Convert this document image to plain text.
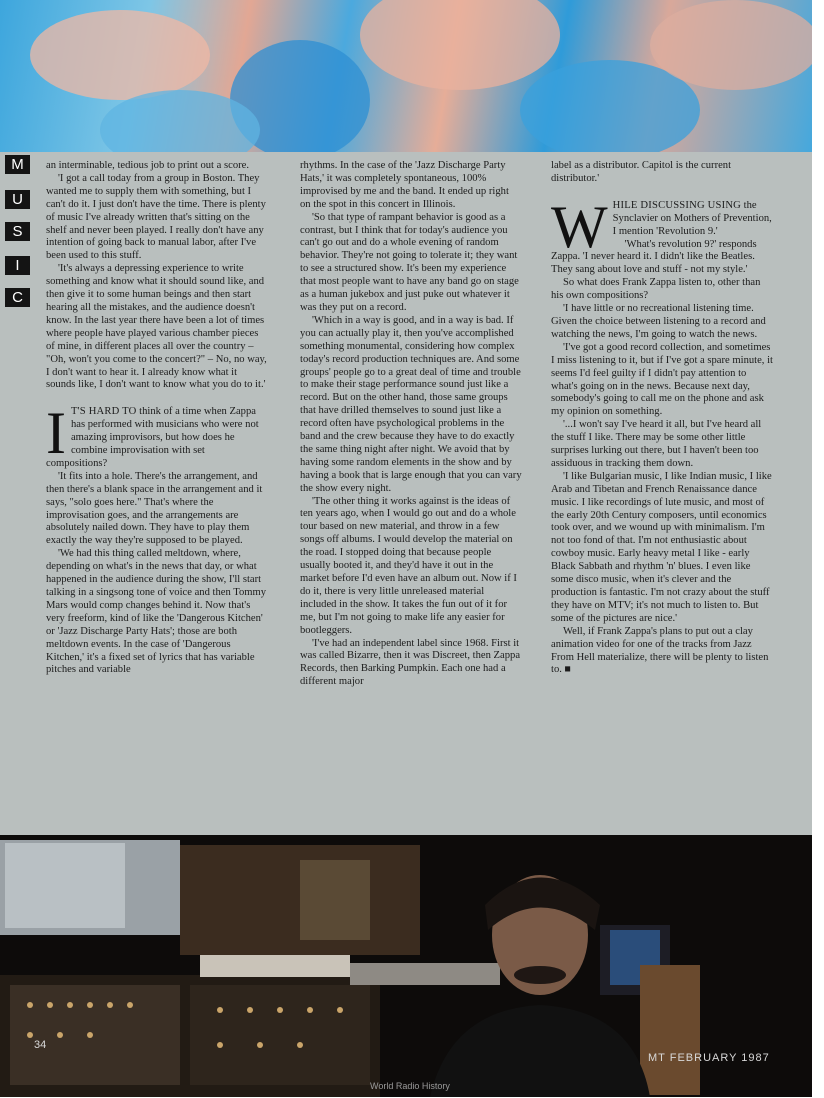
M
U
S
I
C

an interminable, tedious job to print out a score.

'I got a call today from a group in Boston. They wanted me to supply them with something, but I can't do it. I just don't have the time. There is plenty of music I've already written that's sitting on the shelf and never been played. I really don't have any intention of going back to manual labor, after I've been used to this stuff.

'It's always a depressing experience to write something and know what it should sound like, and then give it to some human beings and then start hearing all the mistakes, and the audience doesn't know. In the last year there have been a lot of times where people have played various chamber pieces of mine, in different places all over the country – "Oh, won't you come to the concert?" – No, no way, I don't want to hear it. I already know what it sounds like, I don't want to know what you do to it.'

I T'S HARD TO think of a time when Zappa has performed with musicians who were not amazing improvisors, but how does he combine improvisation with set compositions?

'It fits into a hole. There's the arrangement, and then there's a blank space in the arrangement and it says, "solo goes here." That's where the improvisation goes, and the arrangements are absolutely nailed down. They have to play them exactly the way they're supposed to be played.

'We had this thing called meltdown, where, depending on what's in the news that day, or what happened in the audience during the show, I'll start talking in a singsong tone of voice and then Tommy Mars would comp changes behind it. Now that's very freeform, kind of like the 'Dangerous Kitchen' or 'Jazz Discharge Party Hats'; those are both meltdown events. In the case of 'Dangerous Kitchen,' it's a fixed set of lyrics that has variable pitches and variable

rhythms. In the case of the 'Jazz Discharge Party Hats,' it was completely spontaneous, 100% improvised by me and the band. It ended up right on the spot in this concert in Illinois.

'So that type of rampant behavior is good as a contrast, but I think that for today's audience you can't go out and do a whole evening of random behavior. They're not going to tolerate it; they want to see a structured show. It's been my experience that most people want to have any band go on stage as a human jukebox and just puke out whatever it was they put on a record.

'Which in a way is good, and in a way is bad. If you can actually play it, then you've accomplished something monumental, considering how complex today's record production techniques are. And some groups' people go to a great deal of time and trouble to make their stage performance sound just like a record. But on the other hand, those same groups that have drilled themselves to sound just like a record often have psychological problems in the band and the crew because they have to do exactly the same thing night after night. We avoid that by having some random elements in the show and by having a book that is large enough that you can vary the show every night.

'The other thing it works against is the ideas of ten years ago, when I would go out and do a whole tour based on new material, and throw in a few songs off albums. I would develop the material on the road. I stopped doing that because people usually booted it, and they'd have it out in the market before I'd even have an album out. Now if I do it, there is very little unreleased material included in the show. It takes the fun out of it for me, but I'm not going to make life any easier for bootleggers.

'I've had an independent label since 1968. First it was called Bizarre, then it was Discreet, then Zappa Records, then Barking Pumpkin. Each one had a different major

label as a distributor. Capitol is the current distributor.'

WHILE DISCUSSING USING the Synclavier on Mothers of Prevention, I mention 'Revolution 9.'

'What's revolution 9?' responds Zappa. 'I never heard it. I didn't like the Beatles. They sang about love and stuff - not my style.'

So what does Frank Zappa listen to, other than his own compositions?

'I have little or no recreational listening time. Given the choice between listening to a record and watching the news, I'm going to watch the news.

'I've got a good record collection, and sometimes I miss listening to it, but if I've got a spare minute, it seems I'd feel guilty if I didn't pay attention to what's going on in the news. Because next day, somebody's going to call me on the phone and ask my opinion on something.

'...I won't say I've heard it all, but I've heard all the stuff I like. There may be some other little surprises lurking out there, but I haven't been too assiduous in tracking them down.

'I like Bulgarian music, I like Indian music, I like Arab and Tibetan and French Renaissance dance music. I like recordings of lute music, and most of the early 20th Century composers, until economics took over, and we wound up with minimalism. I'm not too fond of that. I'm not enthusiastic about cowboy music. Early heavy metal I like - early Black Sabbath and rhythm 'n' blues. I even like some disco music, when it's clever and the production is fantastic. I'm not crazy about the stuff they have on MTV; it's not much to listen to. But some of the pictures are nice.'

Well, if Frank Zappa's plans to put out a clay animation video for one of the tracks from Jazz From Hell materialize, there will be plenty to listen to. ■

34
MT FEBRUARY 1987
World Radio History
